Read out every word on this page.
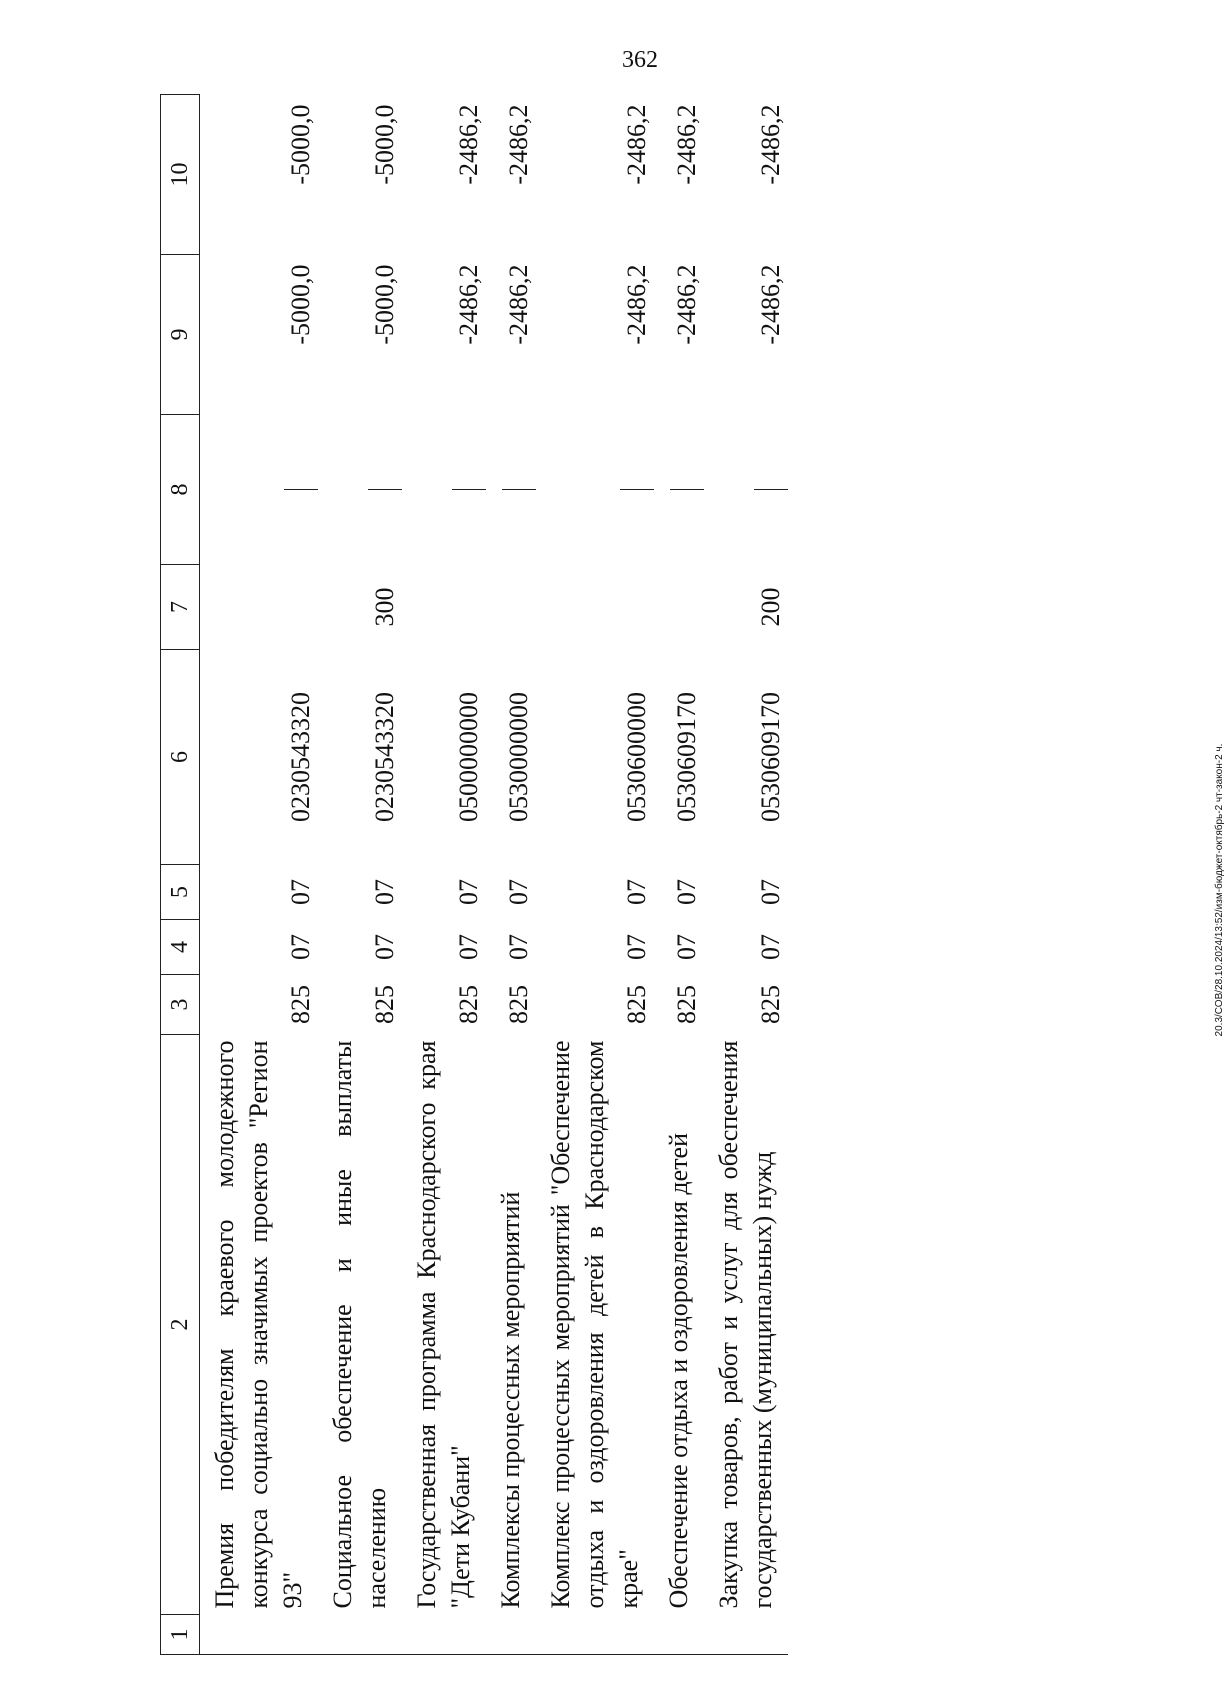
362
1	2	3	4	5	6	7	8	9	10
	Премия победителям краевого молодежного конкурса социально значимых проектов "Регион 93"	825	07	07	0230543320			-5000,0	-5000,0
	Социальное обеспечение и иные выплаты населению	825	07	07	0230543320	300		-5000,0	-5000,0
	Государственная программа Краснодарского края "Дети Кубани"	825	07	07	0500000000			-2486,2	-2486,2
	Комплексы процессных мероприятий	825	07	07	0530000000			-2486,2	-2486,2
	Комплекс процессных мероприятий "Обеспечение отдыха и оздоровления детей в Краснодарском крае"	825	07	07	0530600000			-2486,2	-2486,2
	Обеспечение отдыха и оздоровления детей	825	07	07	0530609170			-2486,2	-2486,2
	Закупка товаров, работ и услуг для обеспечения государственных (муниципальных) нужд	825	07	07	0530609170	200		-2486,2	-2486,2
20.3/СОВ/28.10.2024/13:52/изм-бюджет-октябрь-2 чт-закон-2 ч.
